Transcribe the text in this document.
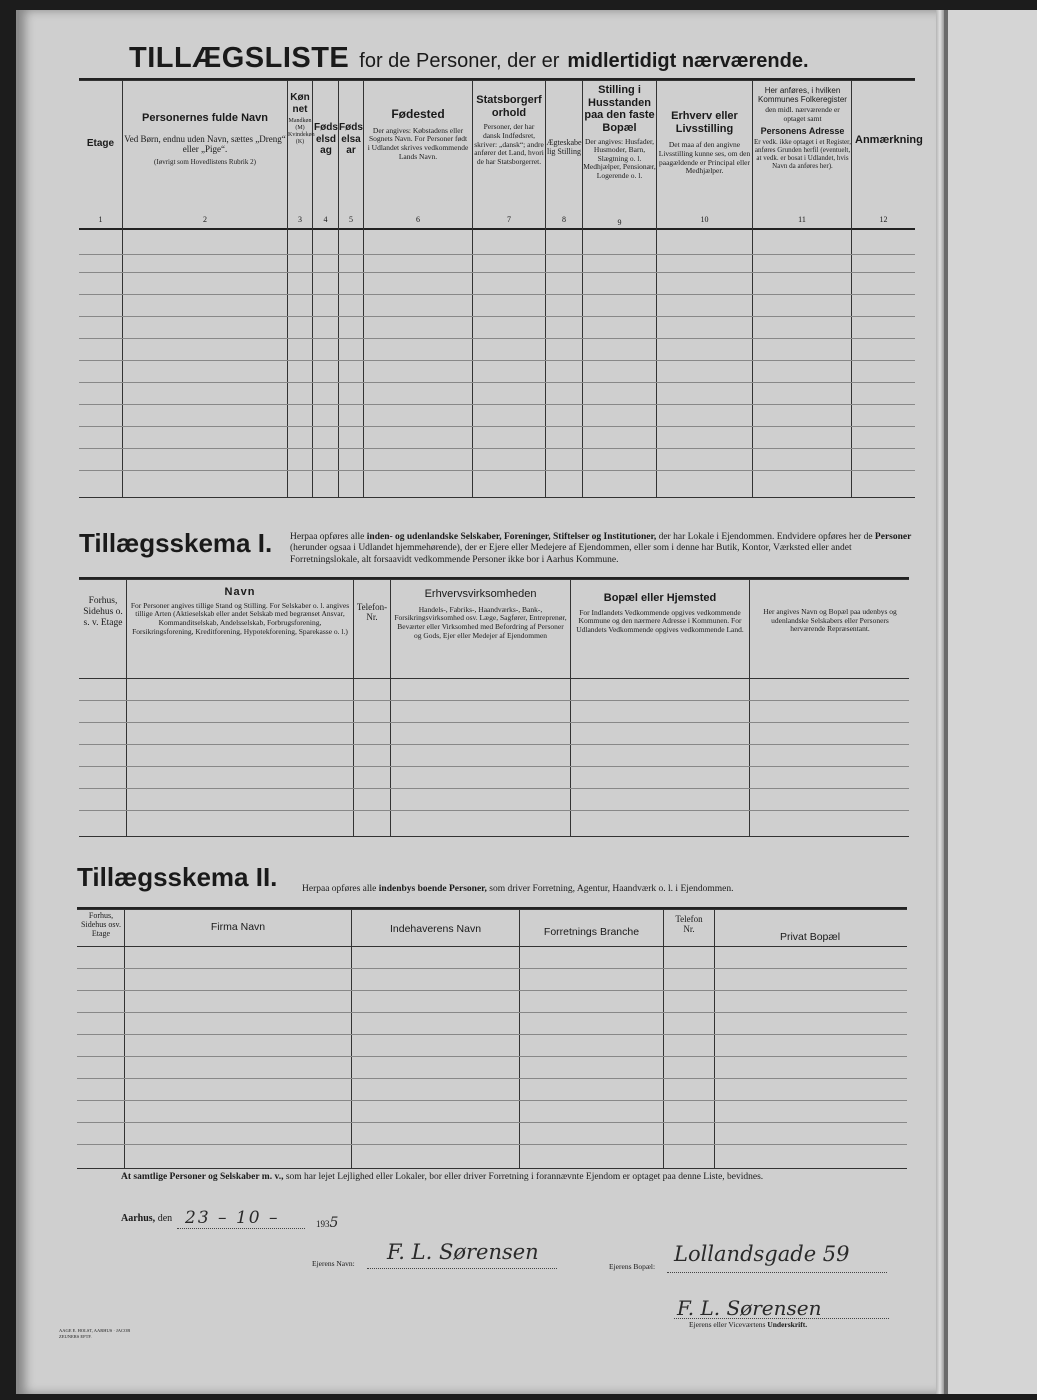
TILLÆGSLISTE for de Personer, der er midlertidigt nærværende.
Etage
Personernes fulde Navn
Ved Børn, endnu uden Navn, sættes „Dreng“ eller „Pige“.
(Iøvrigt som Hovedlistens Rubrik 2)
Kønnet
Mandkøn (M) Kvindekøn (K)
Fødselsdag
Fødselsaar
Fødested
Der angives: Købstadens eller Sognets Navn. For Personer født i Udlandet skrives vedkommende Lands Navn.
Statsborgerforhold
Personer, der har dansk Indfødsret, skriver: „dansk“; andre anfører det Land, hvori de har Statsborgerret.
Ægteskabelig Stilling
Stilling i Husstanden paa den faste Bopæl
Der angives: Husfader, Husmoder, Barn, Slægtning o. l. Medhjælper, Pensionær, Logerende o. l.
Erhverv eller Livsstilling
Det maa af den angivne Livsstilling kunne ses, om den paagældende er Principal eller Medhjælper.
Her anføres, i hvilken Kommunes Folkeregister
den midl. nærværende er optaget samt
Personens Adresse
Er vedk. ikke optaget i et Register, anføres Grunden herfil (eventuelt, at vedk. er bosat i Udlandet, hvis Navn da anføres her).
Anmærkning
1	2	3	4	5	6	7	8	9	10	11	12
Tillægsskema I. Herpaa opføres alle inden- og udenlandske Selskaber, Foreninger, Stiftelser og Institutioner, der har Lokale i Ejendommen. Endvidere opføres her de Personer (herunder ogsaa i Udlandet hjemmehørende), der er Ejere eller Medejere af Ejendommen, eller som i denne har Butik, Kontor, Værksted eller andet Forretningslokale, alt forsaavidt vedkommende Personer ikke bor i Aarhus Kommune.
Forhus, Sidehus o. s. v. Etage
Navn
For Personer angives tillige Stand og Stilling. For Selskaber o. l. angives tillige Arten (Aktieselskab eller andet Selskab med begrænset Ansvar, Kommanditselskab, Andelsselskab, Forbrugsforening, Forsikringsforening, Kreditforening, Hypotekforening, Sparekasse o. l.)
Telefon-Nr.
Erhvervsvirksomheden
Handels-, Fabriks-, Haandværks-, Bank-, Forsikringsvirksomhed osv. Læge, Sagfører, Entreprenør, Beværter eller Virksomhed med Befordring af Personer og Gods, Ejer eller Medejer af Ejendommen
Bopæl eller Hjemsted
For Indlandets Vedkommende opgives vedkommende Kommune og den nærmere Adresse i Kommunen. For Udlandets Vedkommende opgives vedkommende Land.
Her angives Navn og Bopæl paa udenbys og udenlandske Selskabers eller Personers herværende Repræsentant.
Tillægsskema II.	Herpaa opføres alle indenbys boende Personer, som driver Forretning, Agentur, Haandværk o. l. i Ejendommen.
Forhus, Sidehus osv. Etage
Firma Navn	Indehaverens Navn	Forretnings Branche
Telefon Nr.
Privat Bopæl
At samtlige Personer og Selskaber m. v., som har lejet Lejlighed eller Lokaler, bor eller driver Forretning i forannævnte Ejendom er optaget paa denne Liste, bevidnes.
Aarhus, den 23 – 10 –	1935
Ejerens Navn: F. L. Sørensen
Ejerens Bopæl:
Lollandsgade 59
F. L. Sørensen
Ejerens eller Viceværtens Underskrift.
AAGE E. HOLST, AARHUS · JACOB ZEUNERS EFTF.
